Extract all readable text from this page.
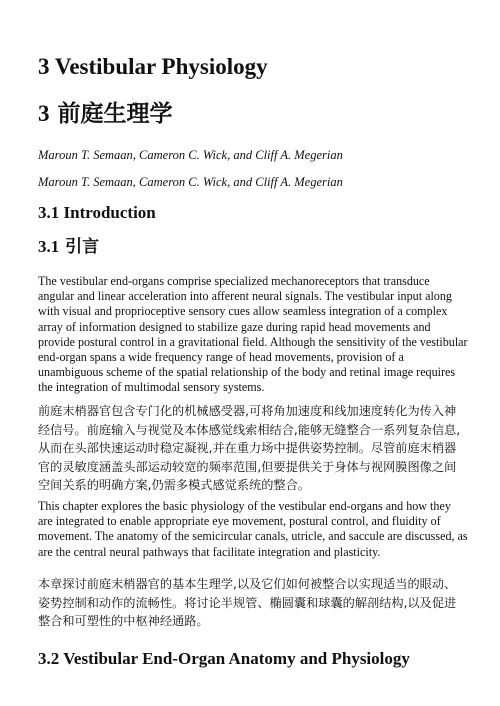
3 Vestibular Physiology
3 前庭生理学

Maroun T. Semaan, Cameron C. Wick, and Cliff A. Megerian

Maroun T. Semaan, Cameron C. Wick, and Cliff A. Megerian

3.1 Introduction
3.1 引言

The vestibular end-organs comprise specialized mechanoreceptors that transduce angular and linear acceleration into afferent neural signals. The vestibular input along with visual and proprioceptive sensory cues allow seamless integration of a complex array of information designed to stabilize gaze during rapid head movements and provide postural control in a gravitational field. Although the sensitivity of the vestibular end-organ spans a wide frequency range of head movements, provision of a unambiguous scheme of the spatial relationship of the body and retinal image requires the integration of multimodal sensory systems.

前庭末梢器官包含专门化的机械感受器,可将角加速度和线加速度转化为传入神经信号。前庭输入与视觉及本体感觉线索相结合,能够无缝整合一系列复杂信息,从而在头部快速运动时稳定凝视,并在重力场中提供姿势控制。尽管前庭末梢器官的灵敏度涵盖头部运动较宽的频率范围,但要提供关于身体与视网膜图像之间空间关系的明确方案,仍需多模式感觉系统的整合。

This chapter explores the basic physiology of the vestibular end-organs and how they are integrated to enable appropriate eye movement, postural control, and fluidity of movement. The anatomy of the semicircular canals, utricle, and saccule are discussed, as are the central neural pathways that facilitate integration and plasticity.

本章探讨前庭末梢器官的基本生理学,以及它们如何被整合以实现适当的眼动、姿势控制和动作的流畅性。将讨论半规管、椭圆囊和球囊的解剖结构,以及促进整合和可塑性的中枢神经通路。

3.2 Vestibular End-Organ Anatomy and Physiology
